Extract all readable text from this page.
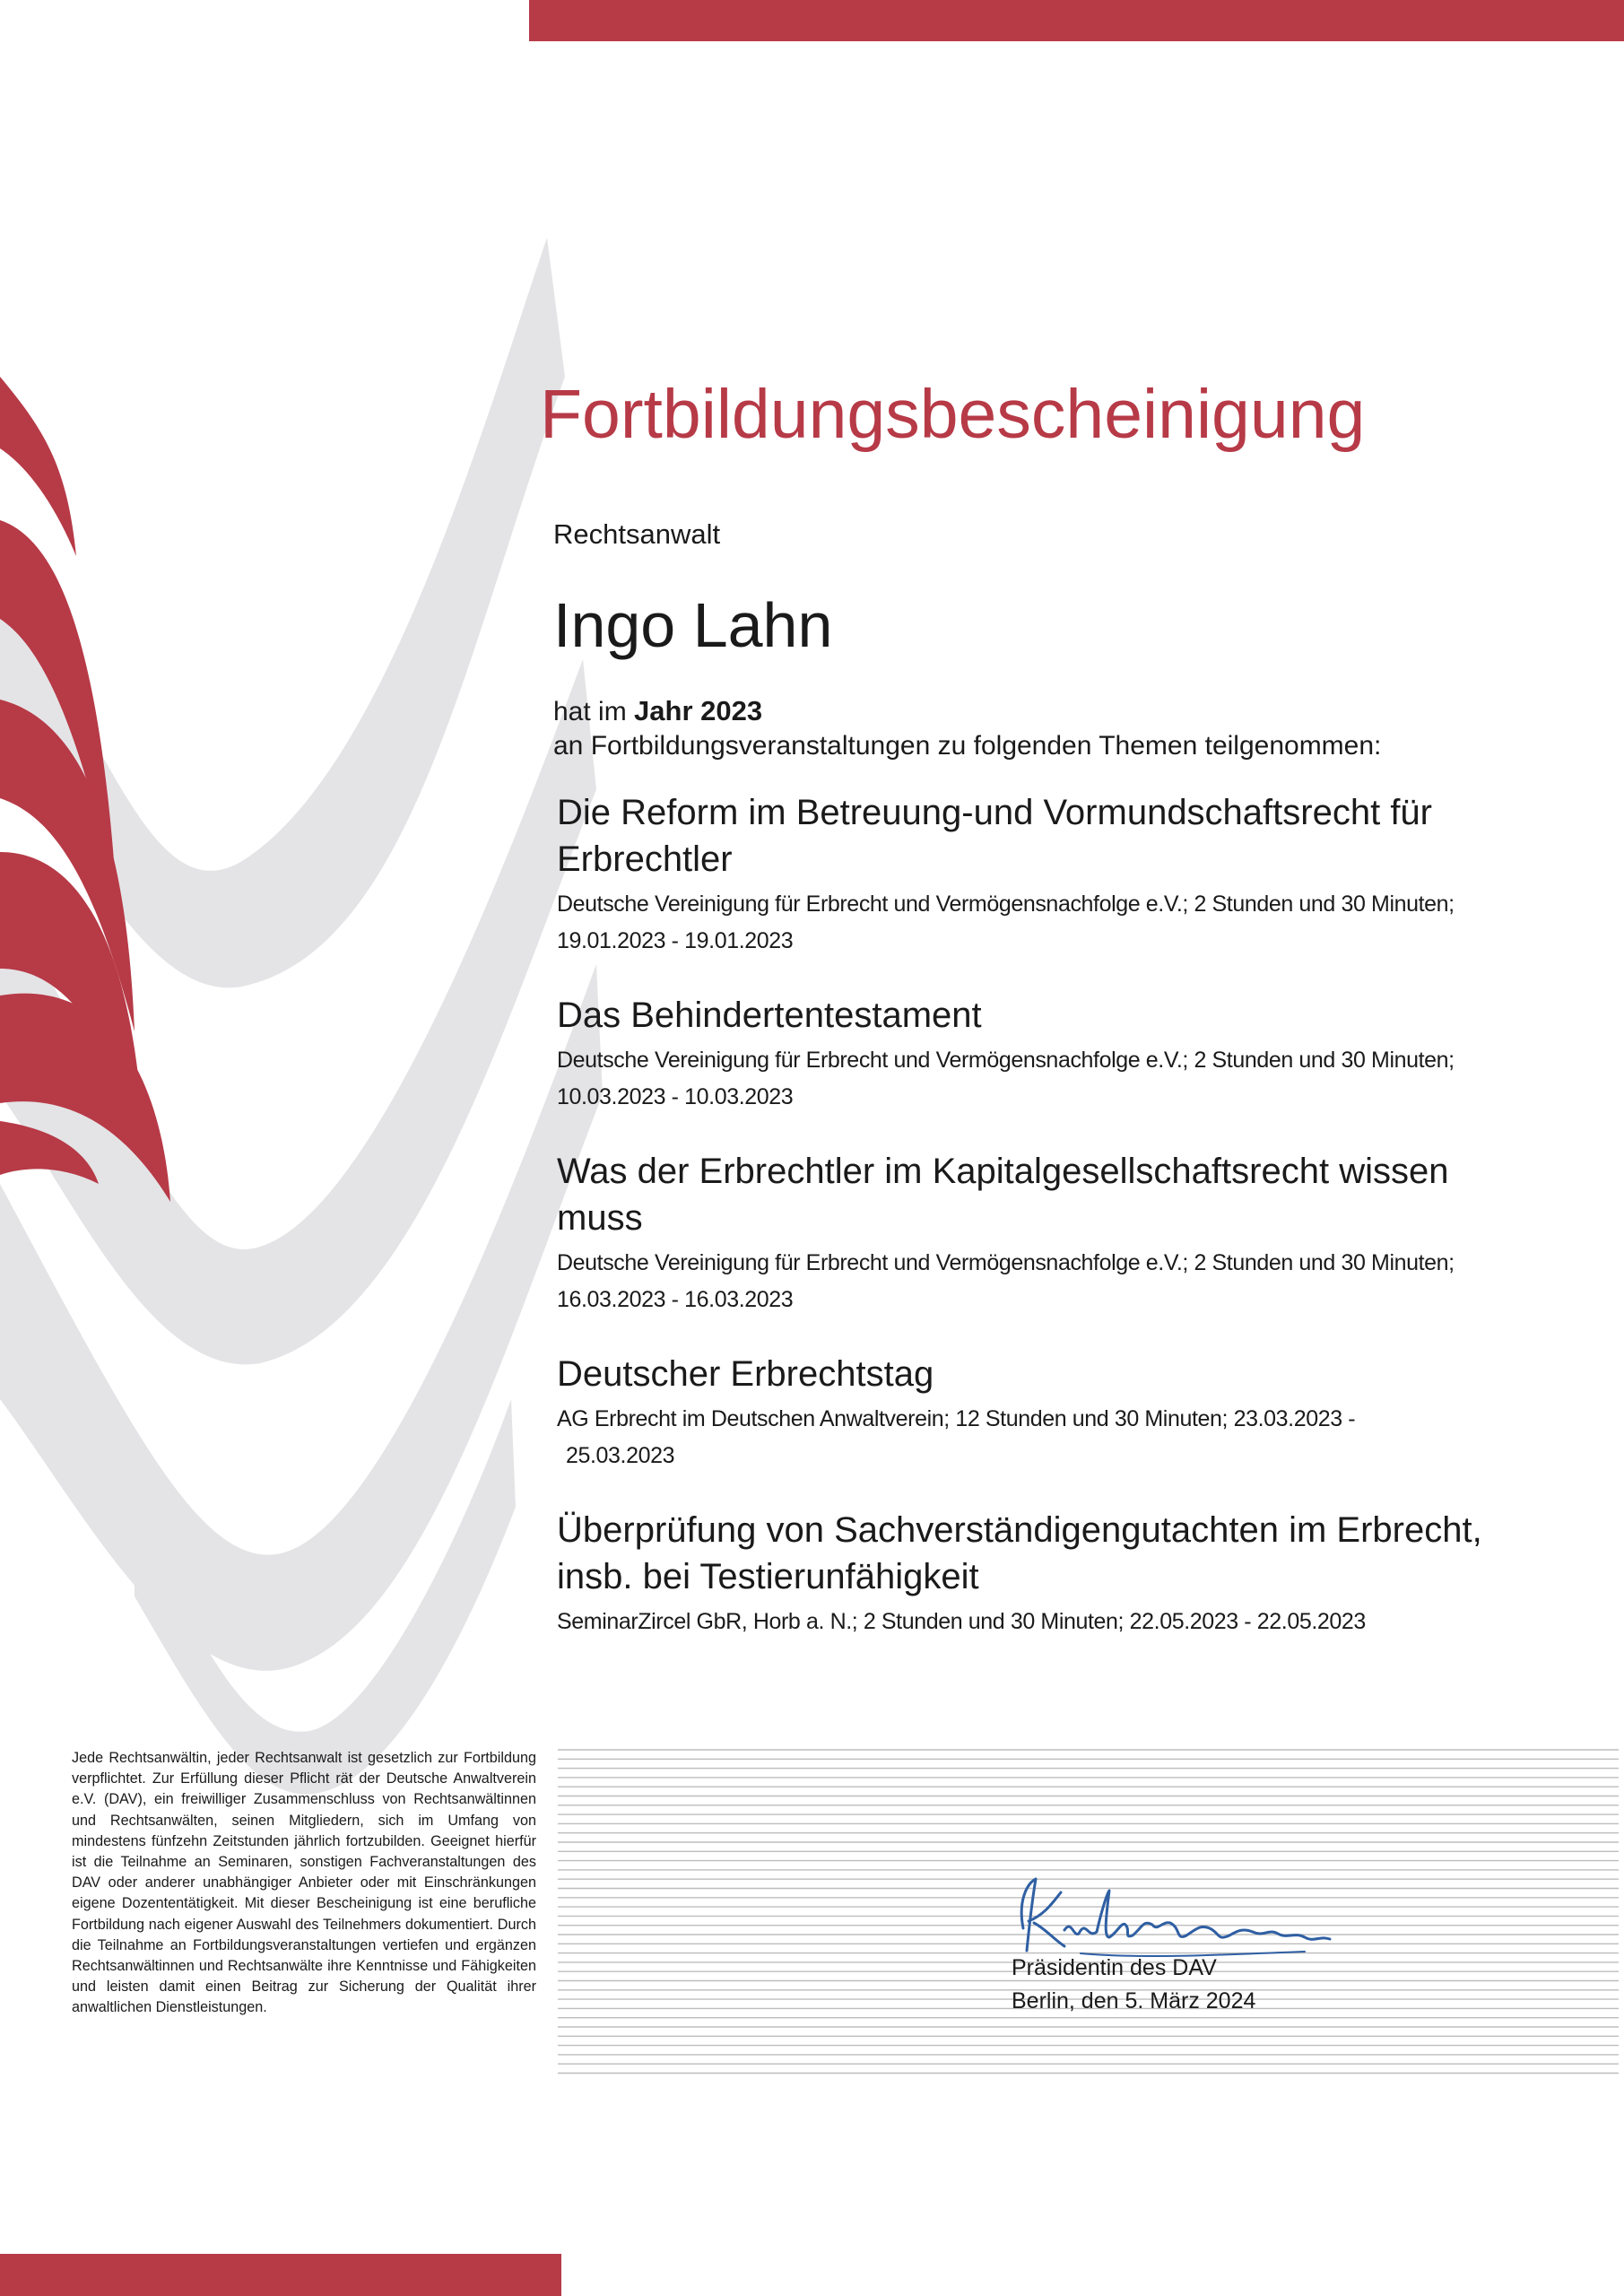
Fortbildungsbescheinigung
Rechtsanwalt
Ingo Lahn
hat im Jahr 2023
an Fortbildungsveranstaltungen zu folgenden Themen teilgenommen:
Die Reform im Betreuung-und Vormundschaftsrecht für
Erbrechtler
Deutsche Vereinigung für Erbrecht und Vermögensnachfolge e.V.; 2 Stunden und 30 Minuten;
19.01.2023 - 19.01.2023
Das Behindertentestament
Deutsche Vereinigung für Erbrecht und Vermögensnachfolge e.V.; 2 Stunden und 30 Minuten;
10.03.2023 - 10.03.2023
Was der Erbrechtler im Kapitalgesellschaftsrecht wissen
muss
Deutsche Vereinigung für Erbrecht und Vermögensnachfolge e.V.; 2 Stunden und 30 Minuten;
16.03.2023 - 16.03.2023
Deutscher Erbrechtstag
AG Erbrecht im Deutschen Anwaltverein; 12 Stunden und 30 Minuten; 23.03.2023 -
25.03.2023
Überprüfung von Sachverständigengutachten im Erbrecht,
insb. bei Testierunfähigkeit
SeminarZircel GbR, Horb a. N.; 2 Stunden und 30 Minuten; 22.05.2023 - 22.05.2023
Jede Rechtsanwältin, jeder Rechtsanwalt ist gesetzlich zur Fortbildung verpflichtet. Zur Erfüllung dieser Pflicht rät der Deutsche Anwaltverein e.V. (DAV), ein freiwilliger Zusammenschluss von Rechtsanwältinnen und Rechtsanwälten, seinen Mitgliedern, sich im Umfang von mindestens fünfzehn Zeitstunden jährlich fortzubilden. Geeignet hierfür ist die Teilnahme an Seminaren, sonstigen Fachveranstaltungen des DAV oder anderer unabhängiger Anbieter oder mit Einschränkungen eigene Dozententätigkeit. Mit dieser Bescheinigung ist eine berufliche Fortbildung nach eigener Auswahl des Teilnehmers dokumentiert. Durch die Teilnahme an Fortbildungsveranstaltungen vertiefen und ergänzen Rechtsanwältinnen und Rechtsanwälte ihre Kenntnisse und Fähigkeiten und leisten damit einen Beitrag zur Sicherung der Qualität ihrer anwaltlichen Dienstleistungen.
Präsidentin des DAV
Berlin, den 5. März 2024
